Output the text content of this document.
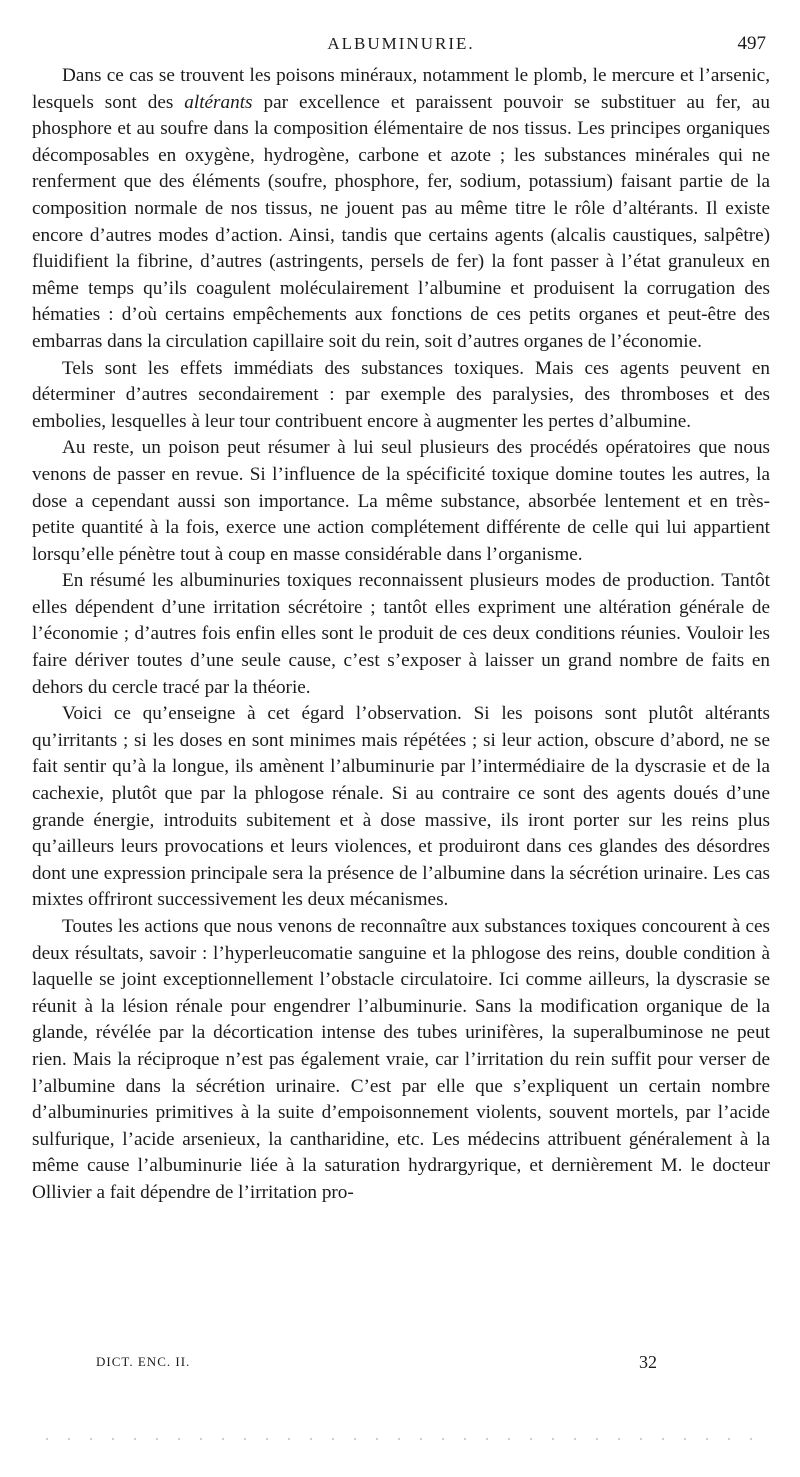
ALBUMINURIE.	497

Dans ce cas se trouvent les poisons minéraux, notamment le plomb, le mercure et l’arsenic, lesquels sont des altérants par excellence et paraissent pouvoir se substituer au fer, au phosphore et au soufre dans la composition élémentaire de nos tissus. Les principes organiques décomposables en oxygène, hydrogène, carbone et azote ; les substances minérales qui ne renferment que des éléments (soufre, phosphore, fer, sodium, potassium) faisant partie de la composition normale de nos tissus, ne jouent pas au même titre le rôle d’altérants. Il existe encore d’autres modes d’action. Ainsi, tandis que certains agents (alcalis caustiques, salpêtre) fluidifient la fibrine, d’autres (astringents, persels de fer) la font passer à l’état granuleux en même temps qu’ils coagulent moléculairement l’albumine et produisent la corrugation des hématies : d’où certains empêchements aux fonctions de ces petits organes et peut-être des embarras dans la circulation capillaire soit du rein, soit d’autres organes de l’économie.

Tels sont les effets immédiats des substances toxiques. Mais ces agents peuvent en déterminer d’autres secondairement : par exemple des paralysies, des thromboses et des embolies, lesquelles à leur tour contribuent encore à augmenter les pertes d’albumine.

Au reste, un poison peut résumer à lui seul plusieurs des procédés opératoires que nous venons de passer en revue. Si l’influence de la spécificité toxique domine toutes les autres, la dose a cependant aussi son importance. La même substance, absorbée lentement et en très-petite quantité à la fois, exerce une action complétement différente de celle qui lui appartient lorsqu’elle pénètre tout à coup en masse considérable dans l’organisme.

En résumé les albuminuries toxiques reconnaissent plusieurs modes de production. Tantôt elles dépendent d’une irritation sécrétoire ; tantôt elles expriment une altération générale de l’économie ; d’autres fois enfin elles sont le produit de ces deux conditions réunies. Vouloir les faire dériver toutes d’une seule cause, c’est s’exposer à laisser un grand nombre de faits en dehors du cercle tracé par la théorie.

Voici ce qu’enseigne à cet égard l’observation. Si les poisons sont plutôt altérants qu’irritants ; si les doses en sont minimes mais répétées ; si leur action, obscure d’abord, ne se fait sentir qu’à la longue, ils amènent l’albuminurie par l’intermédiaire de la dyscrasie et de la cachexie, plutôt que par la phlogose rénale. Si au contraire ce sont des agents doués d’une grande énergie, introduits subitement et à dose massive, ils iront porter sur les reins plus qu’ailleurs leurs provocations et leurs violences, et produiront dans ces glandes des désordres dont une expression principale sera la présence de l’albumine dans la sécrétion urinaire. Les cas mixtes offriront successivement les deux mécanismes.

Toutes les actions que nous venons de reconnaître aux substances toxiques concourent à ces deux résultats, savoir : l’hyperleucomatie sanguine et la phlogose des reins, double condition à laquelle se joint exceptionnellement l’obstacle circulatoire. Ici comme ailleurs, la dyscrasie se réunit à la lésion rénale pour engendrer l’albuminurie. Sans la modification organique de la glande, révélée par la décortication intense des tubes urinifères, la superalbuminose ne peut rien. Mais la réciproque n’est pas également vraie, car l’irritation du rein suffit pour verser de l’albumine dans la sécrétion urinaire. C’est par elle que s’expliquent un certain nombre d’albuminuries primitives à la suite d’empoisonnement violents, souvent mortels, par l’acide sulfurique, l’acide arsenieux, la cantharidine, etc. Les médecins attribuent généralement à la même cause l’albuminurie liée à la saturation hydrargyrique, et dernièrement M. le docteur Ollivier a fait dépendre de l’irritation pro-

DICT. ENC. II.	32
